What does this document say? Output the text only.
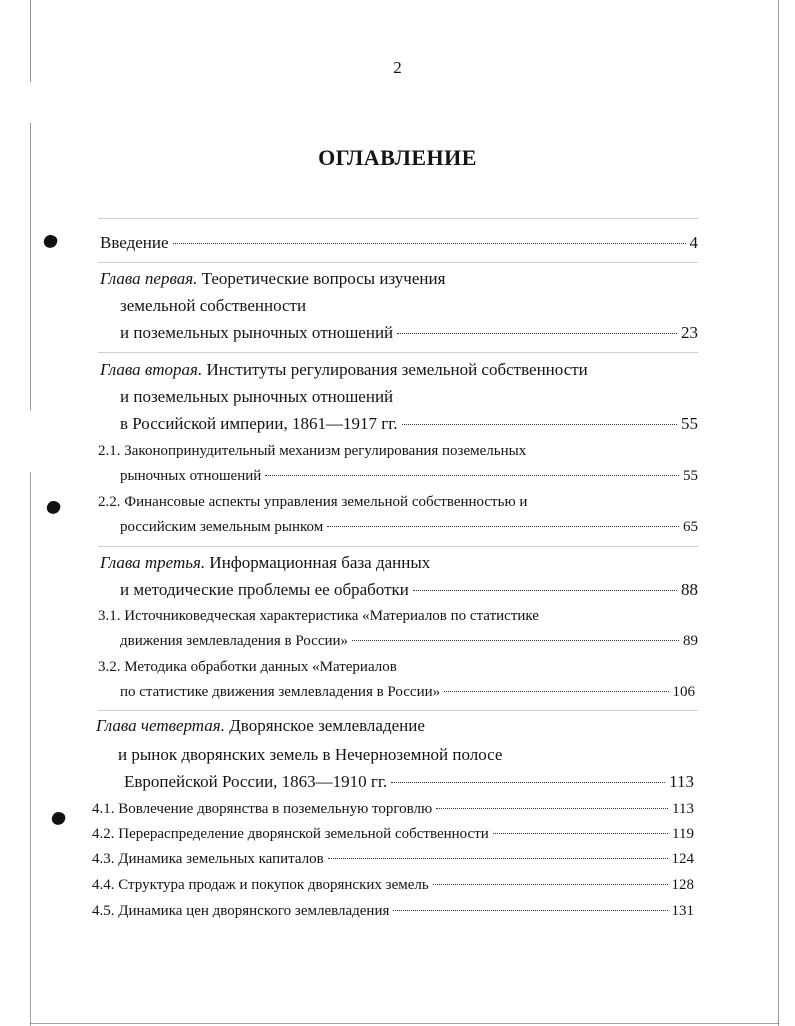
2
ОГЛАВЛЕНИЕ
Введение	4
Глава первая. Теоретические вопросы изучения
земельной собственности
и поземельных рыночных отношений	23
Глава вторая. Институты регулирования земельной собственности
и поземельных рыночных отношений
в Российской империи, 1861—1917 гг.	55
2.1. Законопринудительный механизм регулирования поземельных
рыночных отношений	55
2.2. Финансовые аспекты управления земельной собственностью и
российским земельным рынком	65
Глава третья. Информационная база данных
и методические проблемы ее обработки	88
3.1. Источниковедческая характеристика «Материалов по статистике
движения землевладения в России»	89
3.2. Методика обработки данных «Материалов
по статистике движения землевладения в России»	106
Глава четвертая. Дворянское землевладение
и рынок дворянских земель в Нечерноземной полосе
Европейской России, 1863—1910 гг.	113
4.1. Вовлечение дворянства в поземельную торговлю	113
4.2. Перераспределение дворянской земельной собственности	119
4.3. Динамика земельных капиталов	124
4.4. Структура продаж и покупок дворянских земель	128
4.5. Динамика цен дворянского землевладения	131
